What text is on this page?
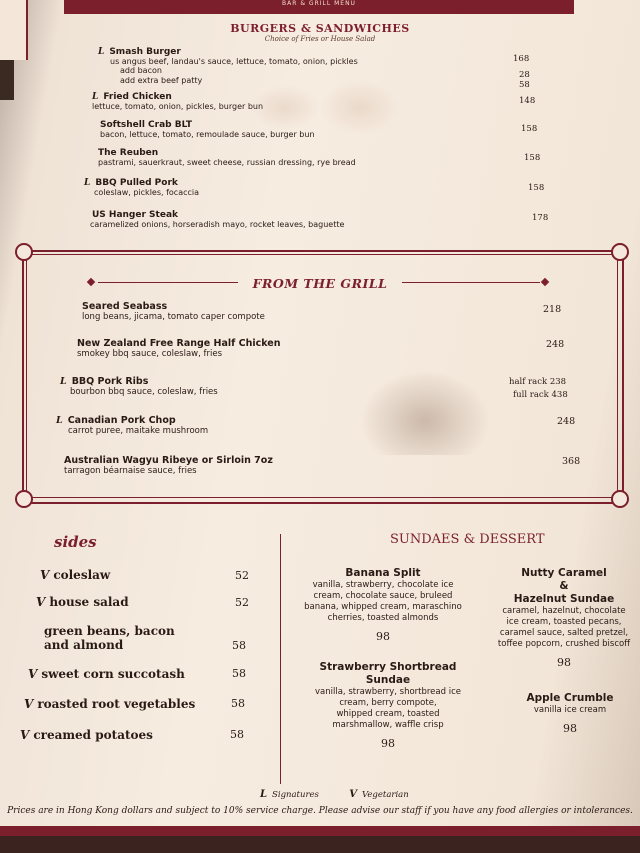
BAR & GRILL MENU
BURGERS & SANDWICHES
Choice of Fries or House Salad
L Smash Burger
us angus beef, landau's sauce, lettuce, tomato, onion, pickles	168
add bacon	28
add extra beef patty	58
L Fried Chicken
lettuce, tomato, onion, pickles, burger bun
148
Softshell Crab BLT
bacon, lettuce, tomato, remoulade sauce, burger bun
158
The Reuben
pastrami, sauerkraut, sweet cheese, russian dressing, rye bread	158
L BBQ Pulled Pork
coleslaw, pickles, focaccia	158
US Hanger Steak
caramelized onions, horseradish mayo, rocket leaves, baguette
178
FROM THE GRILL
Seared Seabass
long beans, jicama, tomato caper compote
218
New Zealand Free Range Half Chicken
smokey bbq sauce, coleslaw, fries
248
L BBQ Pork Ribs
bourbon bbq sauce, coleslaw, fries
half rack 238
full rack 438
L Canadian Pork Chop
carrot puree, maitake mushroom
248
Australian Wagyu Ribeye or Sirloin 7oz
tarragon béarnaise sauce, fries
368
sides
V coleslaw	52
V house salad	52
green beans, bacon
and almond	58
V sweet corn succotash	58
V roasted root vegetables	58
V creamed potatoes	58
SUNDAES & DESSERT
Banana Split
vanilla, strawberry, chocolate ice
cream, chocolate sauce, bruleed
banana, whipped cream, maraschino
cherries, toasted almonds
98
Nutty Caramel
&
Hazelnut Sundae
caramel, hazelnut, chocolate
ice cream, toasted pecans,
caramel sauce, salted pretzel,
toffee popcorn, crushed biscoff
98
Strawberry Shortbread
Sundae
vanilla, strawberry, shortbread ice
cream, berry compote,
whipped cream, toasted
marshmallow, waffle crisp
98
Apple Crumble
vanilla ice cream
98
L Signatures	V Vegetarian
Prices are in Hong Kong dollars and subject to 10% service charge. Please advise our staff if you have any food allergies or intolerances.
